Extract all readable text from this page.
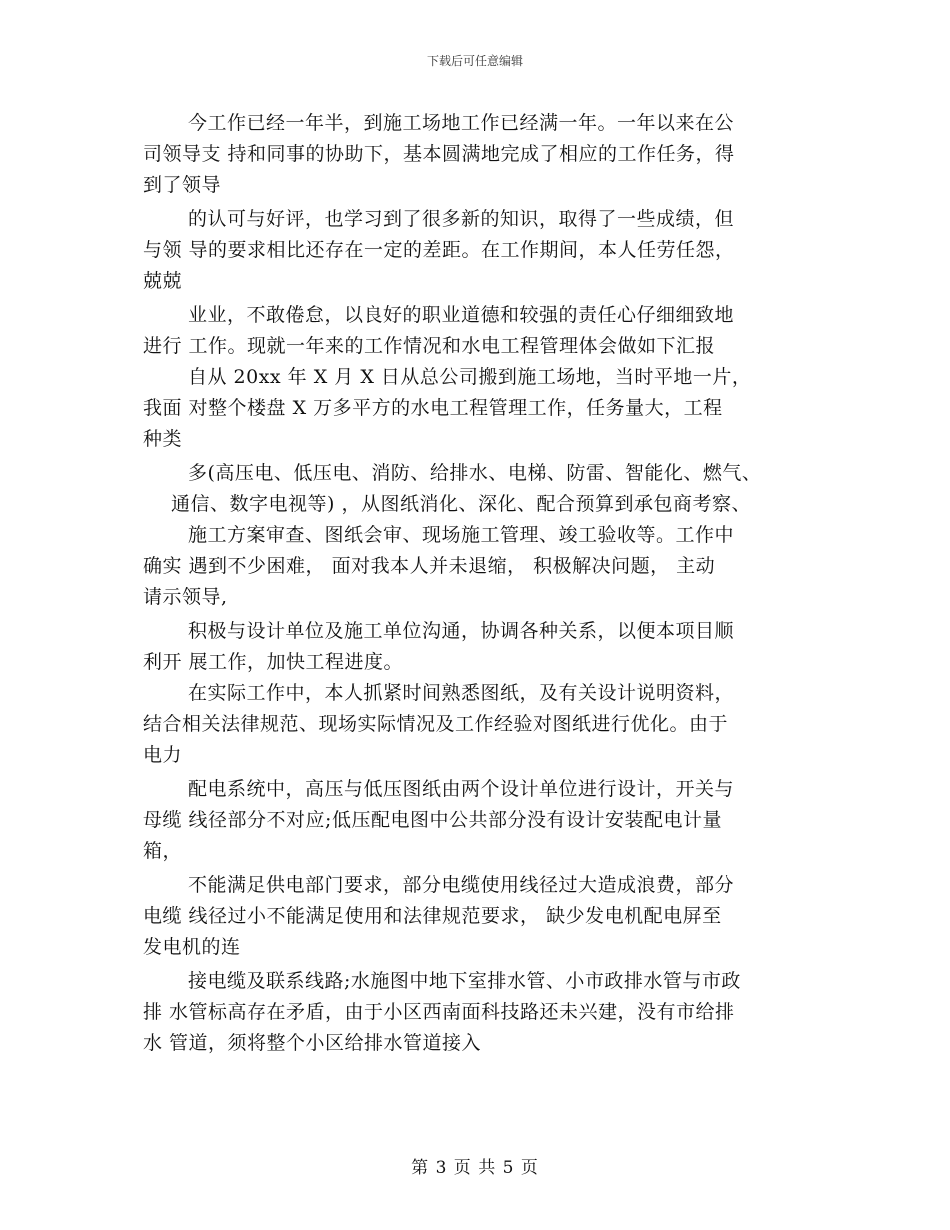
下载后可任意编辑
今工作已经一年半，到施工场地工作已经满一年。一年以来在公
司领导支 持和同事的协助下，基本圆满地完成了相应的工作任务，得
到了领导
的认可与好评，也学习到了很多新的知识，取得了一些成绩，但
与领 导的要求相比还存在一定的差距。在工作期间，本人任劳任怨，
兢兢
业业，不敢倦怠，以良好的职业道德和较强的责任心仔细细致地
进行 工作。现就一年来的工作情况和水电工程管理体会做如下汇报
自从 20xx 年 X 月 X 日从总公司搬到施工场地，当时平地一片，
我面 对整个楼盘 X 万多平方的水电工程管理工作，任务量大，工程
种类
多(高压电、低压电、消防、给排水、电梯、防雷、智能化、燃气、
通信、数字电视等) ，从图纸消化、深化、配合预算到承包商考察、
施工方案审查、图纸会审、现场施工管理、竣工验收等。工作中
确实 遇到不少困难， 面对我本人并未退缩， 积极解决问题， 主动
请示领导,
积极与设计单位及施工单位沟通，协调各种关系，以便本项目顺
利开 展工作，加快工程进度。
在实际工作中，本人抓紧时间熟悉图纸，及有关设计说明资料，
结合相关法律规范、现场实际情况及工作经验对图纸进行优化。由于
电力
配电系统中，高压与低压图纸由两个设计单位进行设计，开关与
母缆 线径部分不对应;低压配电图中公共部分没有设计安装配电计量
箱，
不能满足供电部门要求，部分电缆使用线径过大造成浪费，部分
电缆 线径过小不能满足使用和法律规范要求， 缺少发电机配电屏至
发电机的连
接电缆及联系线路;水施图中地下室排水管、小市政排水管与市政
排 水管标高存在矛盾，由于小区西南面科技路还未兴建，没有市给排
水 管道，须将整个小区给排水管道接入
第 3 页 共 5 页
